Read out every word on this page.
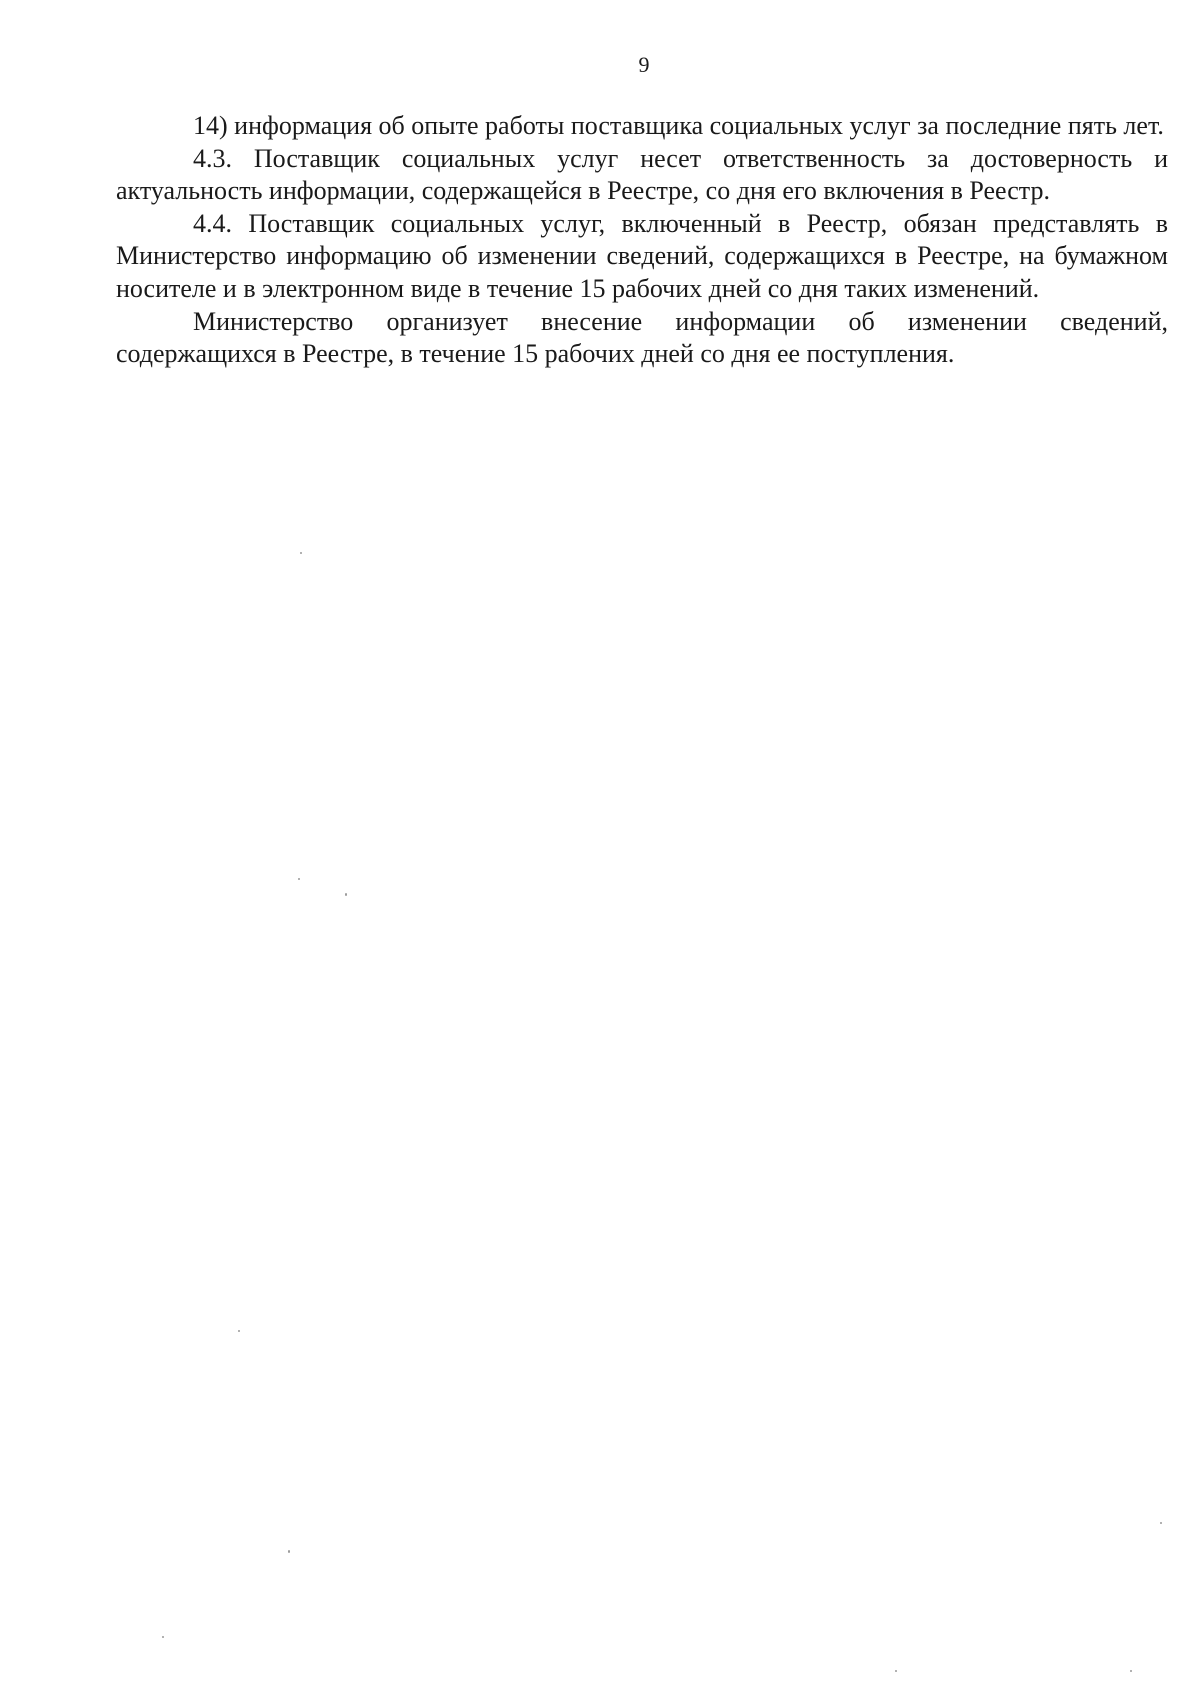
9

14) информация об опыте работы поставщика социальных услуг за последние пять лет.

4.3. Поставщик социальных услуг несет ответственность за достоверность и актуальность информации, содержащейся в Реестре, со дня его включения в Реестр.

4.4. Поставщик социальных услуг, включенный в Реестр, обязан представлять в Министерство информацию об изменении сведений, содержащихся в Реестре, на бумажном носителе и в электронном виде в течение 15 рабочих дней со дня таких изменений.

Министерство организует внесение информации об изменении сведений, содержащихся в Реестре, в течение 15 рабочих дней со дня ее поступления.
